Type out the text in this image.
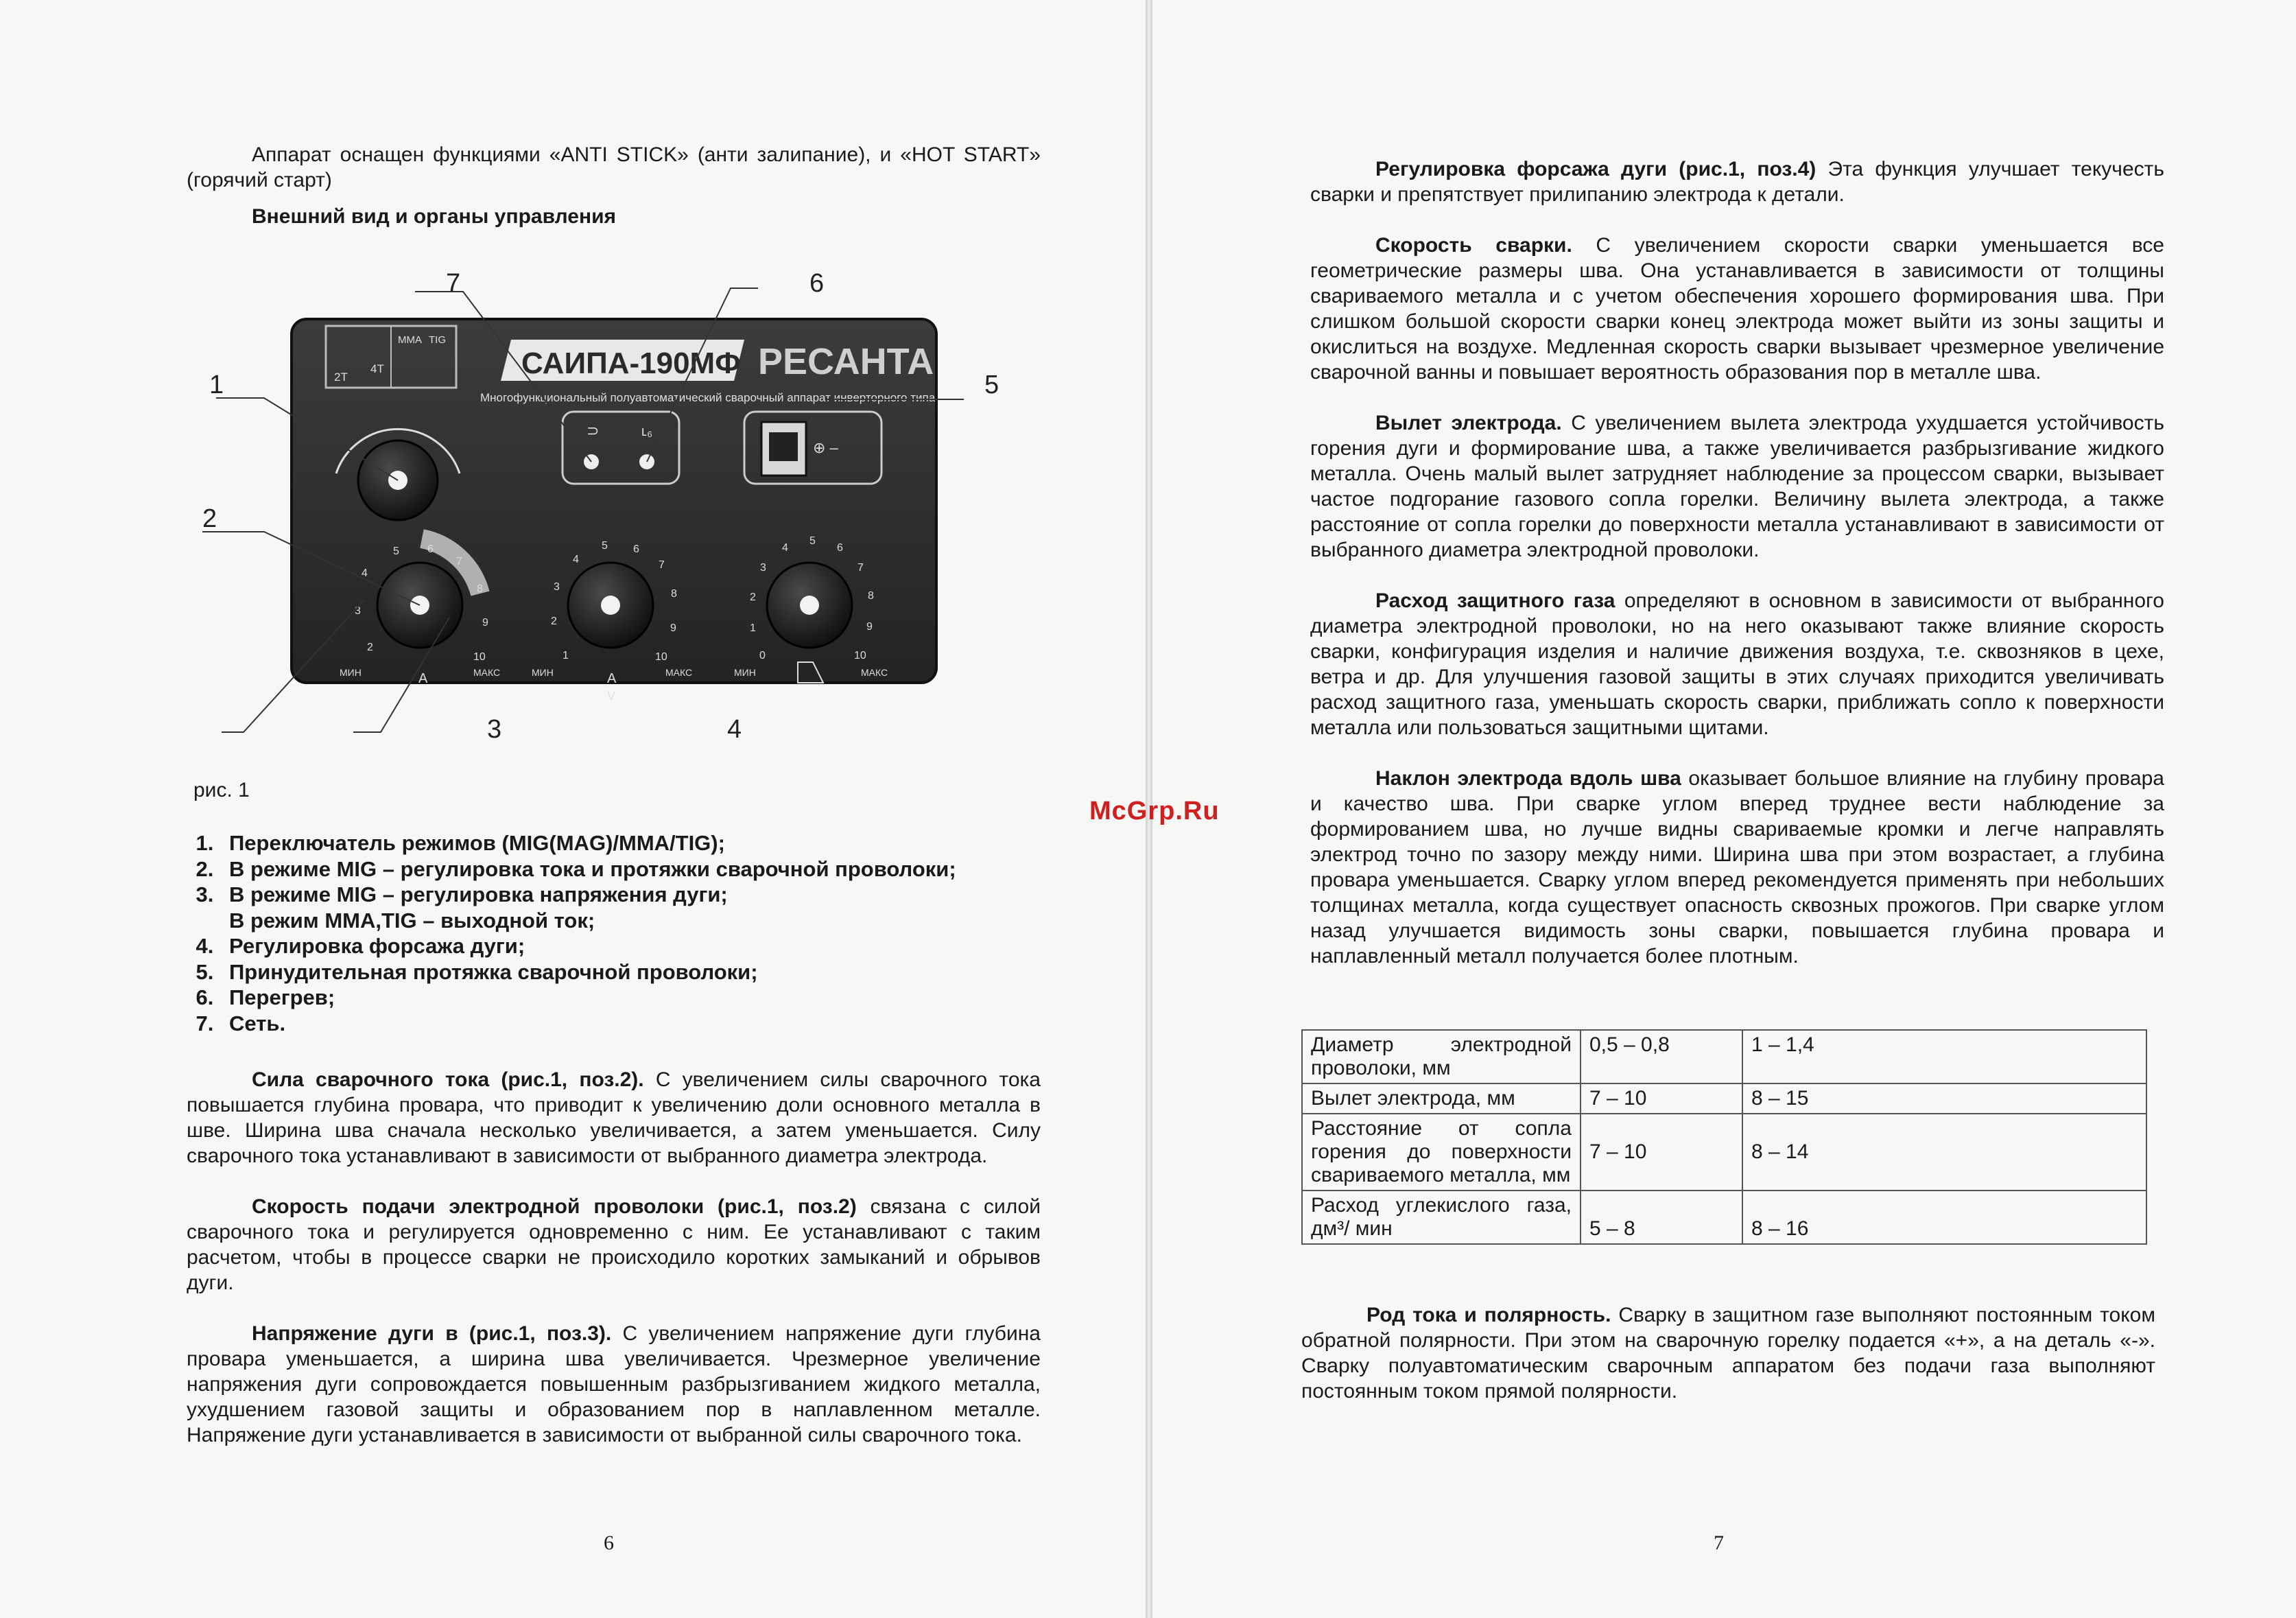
Аппарат оснащен функциями «ANTI STICK» (анти залипание), и «HOT START» (горячий старт)

Внешний вид и органы управления

2T
4T
MMA TIG
САИПА-190МФ РЕСАНТА
Многофункциональный полуавтоматический сварочный аппарат инверторного типа
⊃	ʟ₆
⊕ –
МИН	МАКС
А	МИН	МАКС
А
V
МИН	МАКС
2
3
4
5	6
7
8
9
10	1
2
3
4
5 6
7
8
9
10	0
1
2
3
4
5
6
7
8
9
10
1
2
3	4
5
6
7
рис. 1
1. Переключатель режимов (MIG(MAG)/MMA/TIG);
2. В режиме MIG – регулировка тока и протяжки сварочной проволоки;
3. В режиме MIG – регулировка напряжения дуги;
В режим MMA,TIG – выходной ток;
4. Регулировка форсажа дуги;
5. Принудительная протяжка сварочной проволоки;
6. Перегрев;
7. Сеть.

Сила сварочного тока (рис.1, поз.2). С увеличением силы сварочного тока повышается глубина провара, что приводит к увеличению доли основного металла в шве. Ширина шва сначала несколько увеличивается, а затем уменьшается. Силу сварочного тока устанавливают в зависимости от выбранного диаметра электрода.

Скорость подачи электродной проволоки (рис.1, поз.2) связана с силой сварочного тока и регулируется одновременно с ним. Ее устанавливают с таким расчетом, чтобы в процессе сварки не происходило коротких замыканий и обрывов дуги.

Напряжение дуги в (рис.1, поз.3). С увеличением напряжение дуги глубина провара уменьшается, а ширина шва увеличивается. Чрезмерное увеличение напряжения дуги сопровождается повышенным разбрызгиванием жидкого металла, ухудшением газовой защиты и образованием пор в наплавленном металле. Напряжение дуги устанавливается в зависимости от выбранной силы сварочного тока.

6
McGrp.Ru

Регулировка форсажа дуги (рис.1, поз.4) Эта функция улучшает текучесть сварки и препятствует прилипанию электрода к детали.

Скорость сварки. С увеличением скорости сварки уменьшается все геометрические размеры шва. Она устанавливается в зависимости от толщины свариваемого металла и с учетом обеспечения хорошего формирования шва. При слишком большой скорости сварки конец электрода может выйти из зоны защиты и окислиться на воздухе. Медленная скорость сварки вызывает чрезмерное увеличение сварочной ванны и повышает вероятность образования пор в металле шва.

Вылет электрода. С увеличением вылета электрода ухудшается устойчивость горения дуги и формирование шва, а также увеличивается разбрызгивание жидкого металла. Очень малый вылет затрудняет наблюдение за процессом сварки, вызывает частое подгорание газового сопла горелки. Величину вылета электрода, а также расстояние от сопла горелки до поверхности металла устанавливают в зависимости от выбранного диаметра электродной проволоки.

Расход защитного газа определяют в основном в зависимости от выбранного диаметра электродной проволоки, но на него оказывают также влияние скорость сварки, конфигурация изделия и наличие движения воздуха, т.е. сквозняков в цехе, ветра и др. Для улучшения газовой защиты в этих случаях приходится увеличивать расход защитного газа, уменьшать скорость сварки, приближать сопло к поверхности металла или пользоваться защитными щитами.

Наклон электрода вдоль шва оказывает большое влияние на глубину провара и качество шва. При сварке углом вперед труднее вести наблюдение за формированием шва, но лучше видны свариваемые кромки и легче направлять электрод точно по зазору между ними. Ширина шва при этом возрастает, а глубина провара уменьшается. Сварку углом вперед рекомендуется применять при небольших толщинах металла, когда существует опасность сквозных прожогов. При сварке углом назад улучшается видимость зоны сварки, повышается глубина провара и наплавленный металл получается более плотным.

Диаметр электродной проволоки, мм	0,5 – 0,8	1 – 1,4
Вылет электрода, мм	7 – 10	8 – 15
Расстояние от сопла горения до поверхности свариваемого металла, мм	7 – 10	8 – 14
Расход углекислого газа, дм³/ мин	5 – 8	8 – 16

Род тока и полярность. Сварку в защитном газе выполняют постоянным током обратной полярности. При этом на сварочную горелку подается «+», а на деталь «-». Сварку полуавтоматическим сварочным аппаратом без подачи газа выполняют постоянным током прямой полярности.

7
